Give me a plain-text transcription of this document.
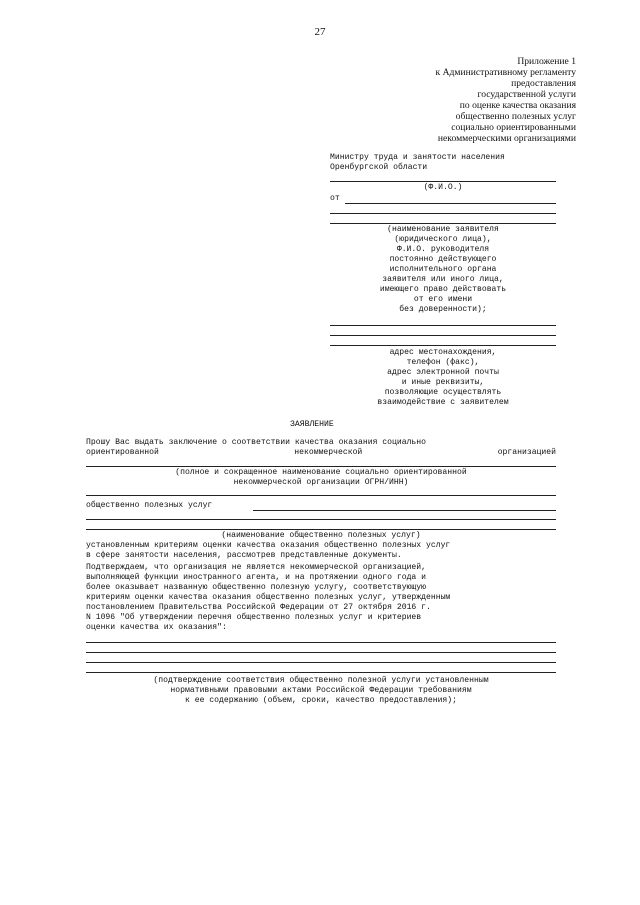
27
Приложение 1
к Административному регламенту
предоставления
государственной услуги
по оценке качества оказания
общественно полезных услуг
социально ориентированными
некоммерческими организациями
Министру труда и занятости населения
Оренбургской области
(Ф.И.О.)
от
(наименование заявителя
(юридического лица),
Ф.И.О. руководителя
постоянно действующего
исполнительного органа
заявителя или иного лица,
имеющего право действовать
от его имени
без доверенности);
адрес местонахождения,
телефон (факс),
адрес электронной почты
и иные реквизиты,
позволяющие осуществлять
взаимодействие с заявителем
ЗАЯВЛЕНИЕ
Прошу Вас выдать заключение о соответствии качества оказания социально
ориентированной	некоммерческой	организацией
(полное и сокращенное наименование социально ориентированной
некоммерческой организации ОГРН/ИНН)
общественно полезных услуг
(наименование общественно полезных услуг)
установленным критериям оценки качества оказания общественно полезных услуг
в сфере занятости населения, рассмотрев представленные документы.
Подтверждаем, что организация не является некоммерческой организацией,
выполняющей функции иностранного агента, и на протяжении одного года и
более оказывает названную общественно полезную услугу, соответствующую
критериям оценки качества оказания общественно полезных услуг, утвержденным
постановлением Правительства Российской Федерации от 27 октября 2016 г.
N 1096 "Об утверждении перечня общественно полезных услуг и критериев
оценки качества их оказания":
(подтверждение соответствия общественно полезной услуги установленным
нормативными правовыми актами Российской Федерации требованиям
к ее содержанию (объем, сроки, качество предоставления);
